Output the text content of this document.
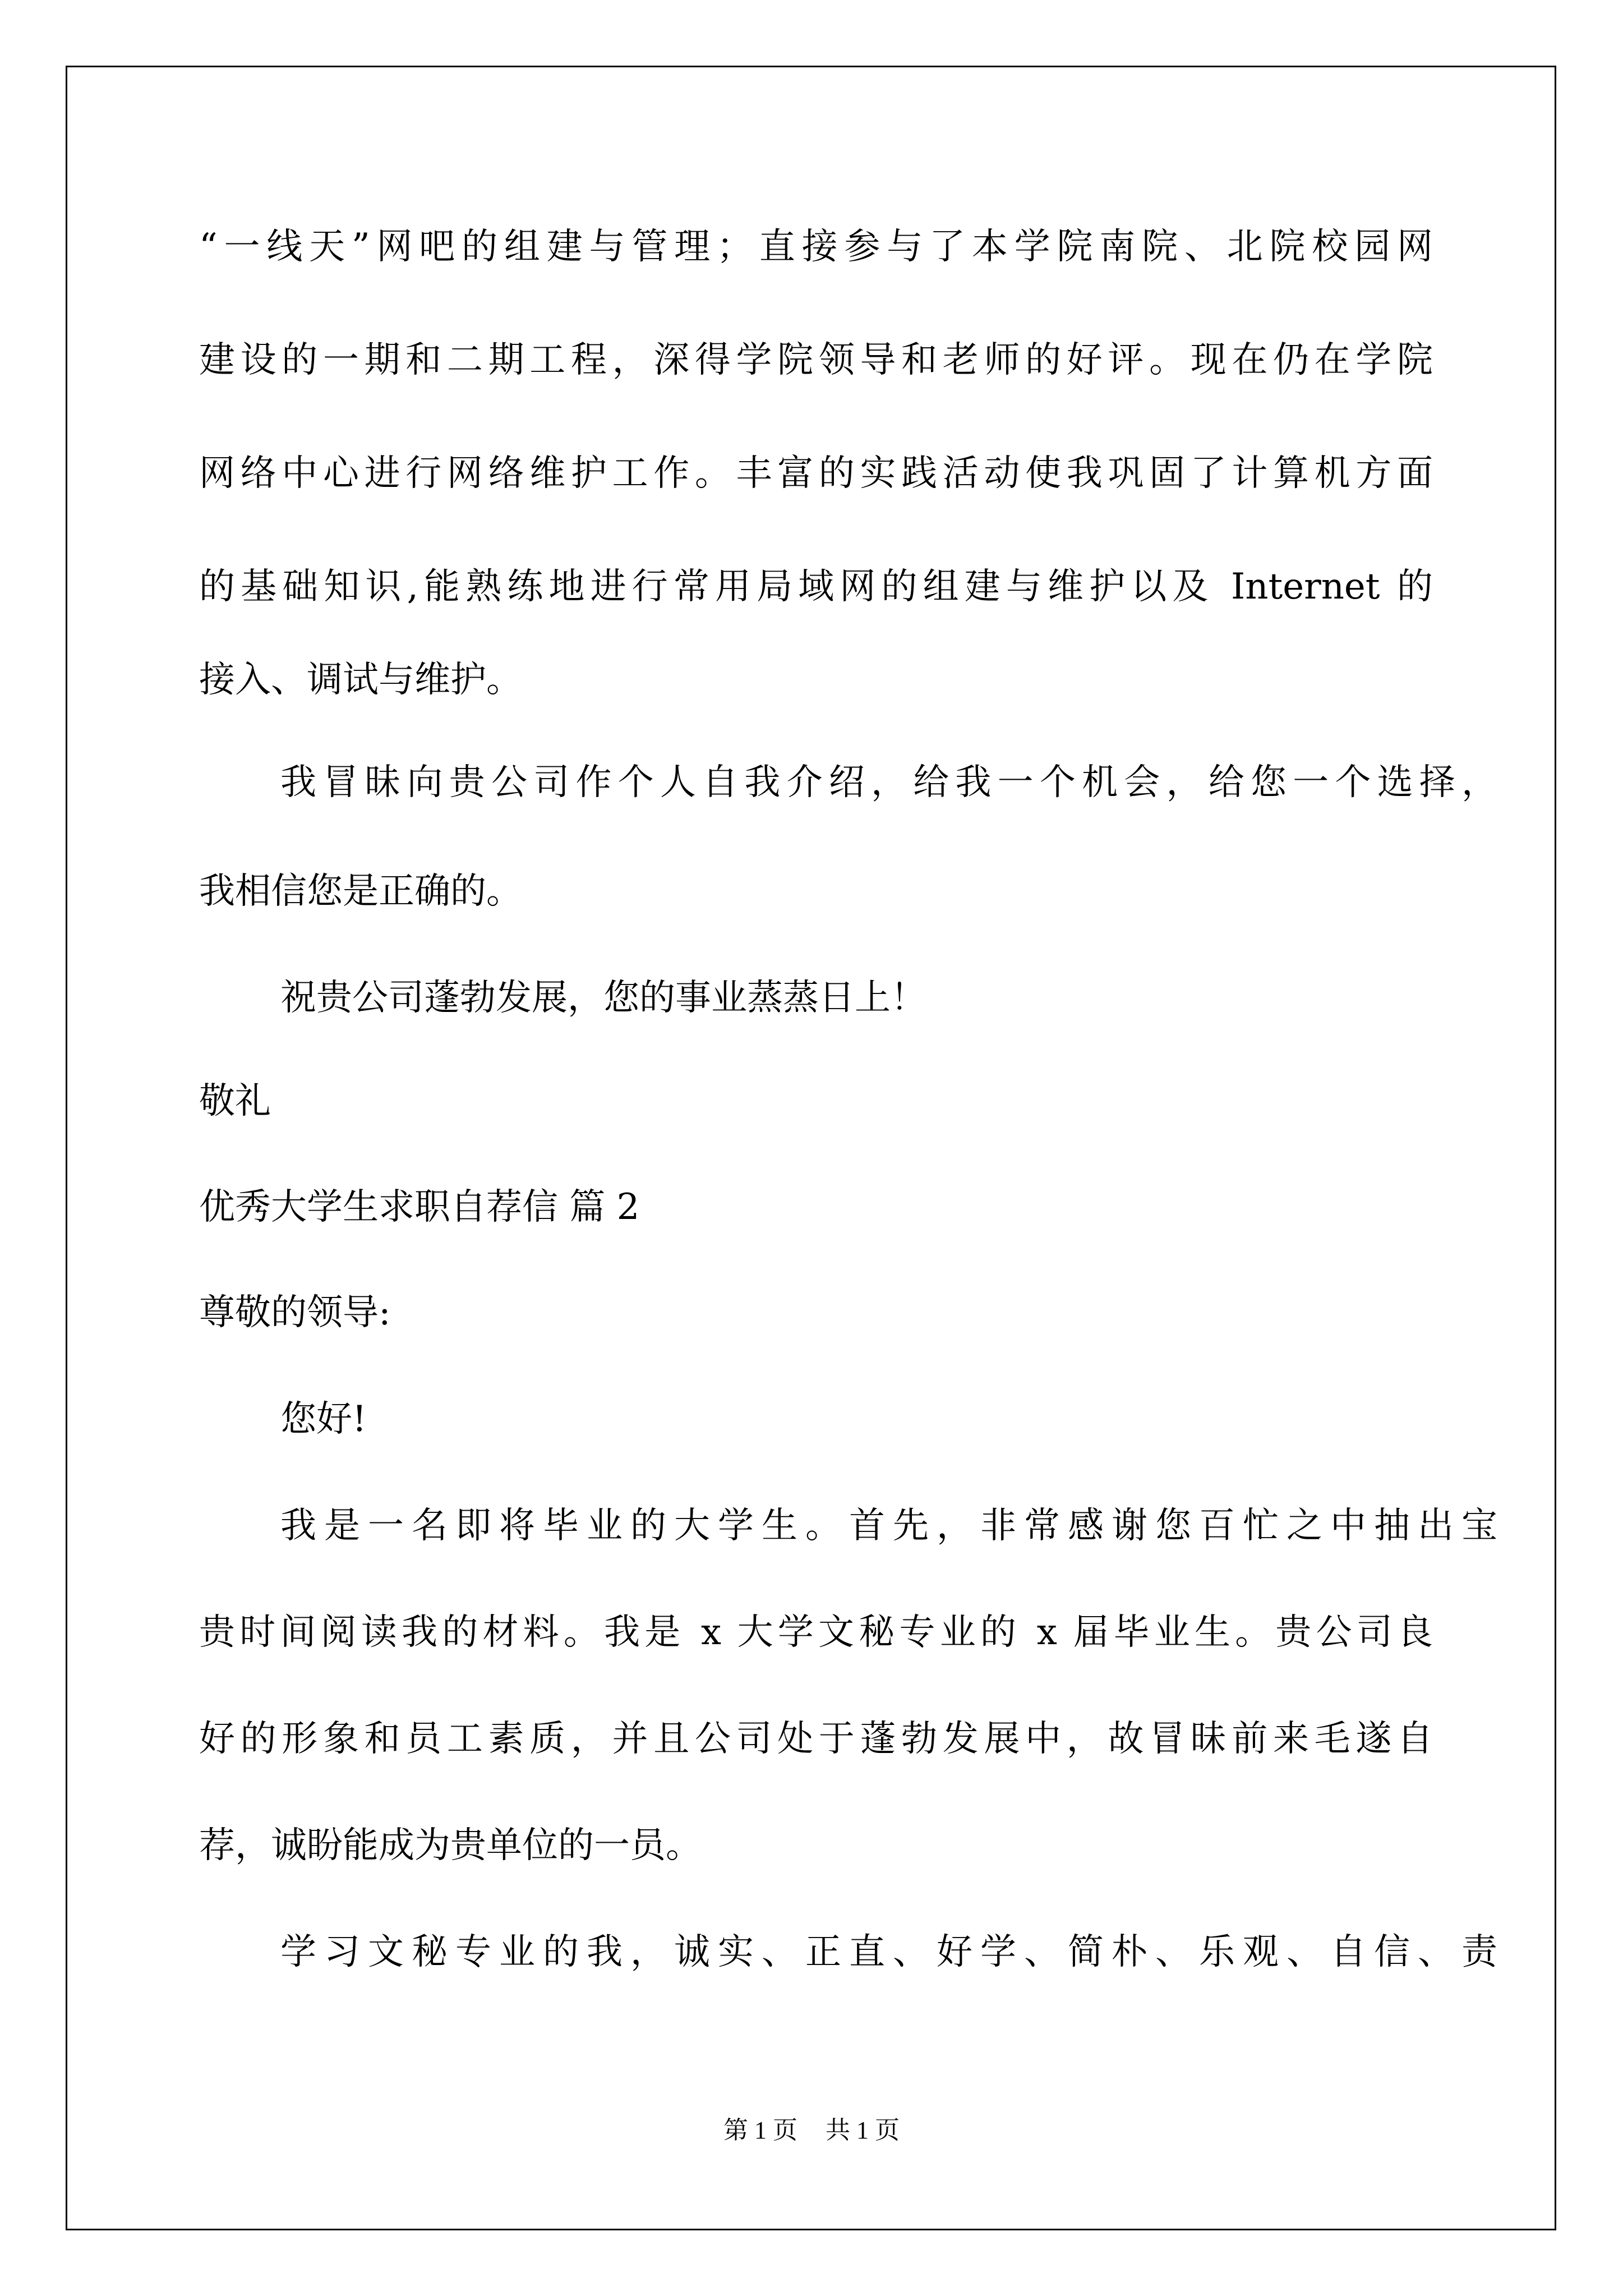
“一线天”网吧的组建与管理；直接参与了本学院南院、北院校园网
建设的一期和二期工程，深得学院领导和老师的好评。现在仍在学院
网络中心进行网络维护工作。丰富的实践活动使我巩固了计算机方面
的基础知识,能熟练地进行常用局域网的组建与维护以及 Internet 的
接入、调试与维护。
我冒昧向贵公司作个人自我介绍，给我一个机会，给您一个选择，
我相信您是正确的。
祝贵公司蓬勃发展，您的事业蒸蒸日上！
敬礼
优秀大学生求职自荐信 篇 2
尊敬的领导:
您好!
我是一名即将毕业的大学生。首先，非常感谢您百忙之中抽出宝
贵时间阅读我的材料。我是 x 大学文秘专业的 x 届毕业生。贵公司良
好的形象和员工素质，并且公司处于蓬勃发展中，故冒昧前来毛遂自
荐，诚盼能成为贵单位的一员。
学习文秘专业的我，诚实、正直、好学、简朴、乐观、自信、责
第 1 页 共 1 页
